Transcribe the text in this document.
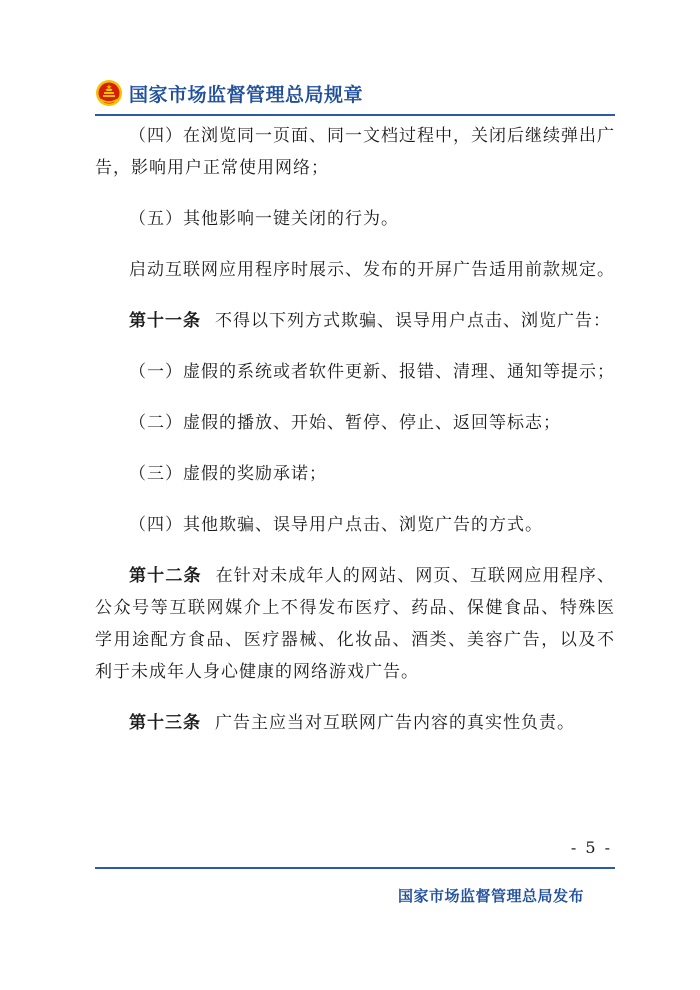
国家市场监督管理总局规章

（四）在浏览同一页面、同一文档过程中，关闭后继续弹出广告，影响用户正常使用网络；

（五）其他影响一键关闭的行为。

启动互联网应用程序时展示、发布的开屏广告适用前款规定。

第十一条 不得以下列方式欺骗、误导用户点击、浏览广告：

（一）虚假的系统或者软件更新、报错、清理、通知等提示；

（二）虚假的播放、开始、暂停、停止、返回等标志；

（三）虚假的奖励承诺；

（四）其他欺骗、误导用户点击、浏览广告的方式。

第十二条 在针对未成年人的网站、网页、互联网应用程序、公众号等互联网媒介上不得发布医疗、药品、保健食品、特殊医学用途配方食品、医疗器械、化妆品、酒类、美容广告，以及不利于未成年人身心健康的网络游戏广告。

第十三条 广告主应当对互联网广告内容的真实性负责。

- 5 -
国家市场监督管理总局发布
